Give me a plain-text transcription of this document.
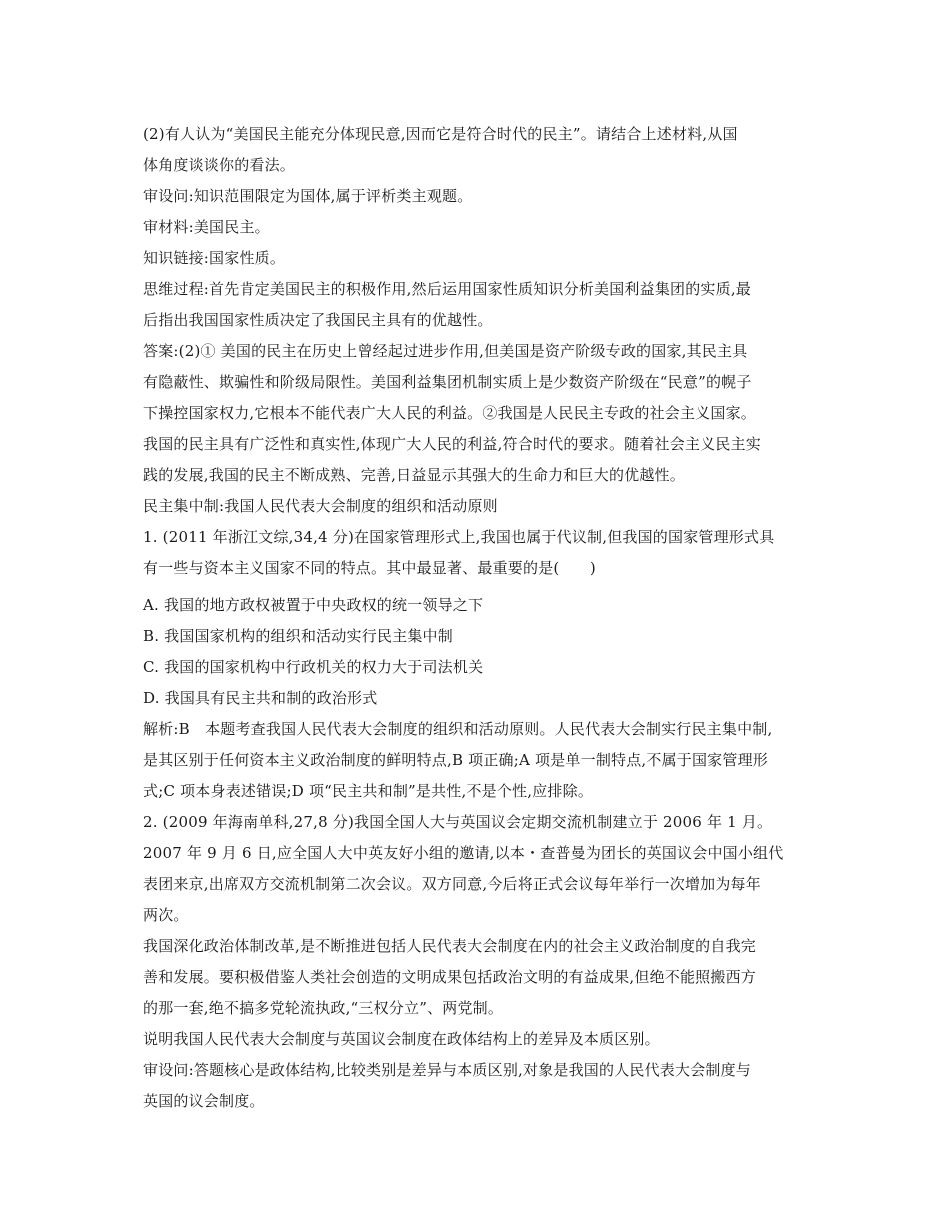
(2)有人认为“美国民主能充分体现民意,因而它是符合时代的民主”。请结合上述材料,从国
体角度谈谈你的看法。
审设问:知识范围限定为国体,属于评析类主观题。
审材料:美国民主。
知识链接:国家性质。
思维过程:首先肯定美国民主的积极作用,然后运用国家性质知识分析美国利益集团的实质,最
后指出我国国家性质决定了我国民主具有的优越性。
答案:(2)① 美国的民主在历史上曾经起过进步作用,但美国是资产阶级专政的国家,其民主具
有隐蔽性、欺骗性和阶级局限性。美国利益集团机制实质上是少数资产阶级在“民意”的幌子
下操控国家权力,它根本不能代表广大人民的利益。②我国是人民民主专政的社会主义国家。
我国的民主具有广泛性和真实性,体现广大人民的利益,符合时代的要求。随着社会主义民主实
践的发展,我国的民主不断成熟、完善,日益显示其强大的生命力和巨大的优越性。
民主集中制:我国人民代表大会制度的组织和活动原则
1. (2011 年浙江文综,34,4 分)在国家管理形式上,我国也属于代议制,但我国的国家管理形式具
有一些与资本主义国家不同的特点。其中最显著、最重要的是(　　)
A. 我国的地方政权被置于中央政权的统一领导之下
B. 我国国家机构的组织和活动实行民主集中制
C. 我国的国家机构中行政机关的权力大于司法机关
D. 我国具有民主共和制的政治形式
解析:B　本题考查我国人民代表大会制度的组织和活动原则。人民代表大会制实行民主集中制,
是其区别于任何资本主义政治制度的鲜明特点,B 项正确;A 项是单一制特点,不属于国家管理形
式;C 项本身表述错误;D 项“民主共和制”是共性,不是个性,应排除。
2. (2009 年海南单科,27,8 分)我国全国人大与英国议会定期交流机制建立于 2006 年 1 月。
2007 年 9 月 6 日,应全国人大中英友好小组的邀请,以本・查普曼为团长的英国议会中国小组代
表团来京,出席双方交流机制第二次会议。双方同意,今后将正式会议每年举行一次增加为每年
两次。
我国深化政治体制改革,是不断推进包括人民代表大会制度在内的社会主义政治制度的自我完
善和发展。要积极借鉴人类社会创造的文明成果包括政治文明的有益成果,但绝不能照搬西方
的那一套,绝不搞多党轮流执政,“三权分立”、两党制。
说明我国人民代表大会制度与英国议会制度在政体结构上的差异及本质区别。
审设问:答题核心是政体结构,比较类别是差异与本质区别,对象是我国的人民代表大会制度与
英国的议会制度。
